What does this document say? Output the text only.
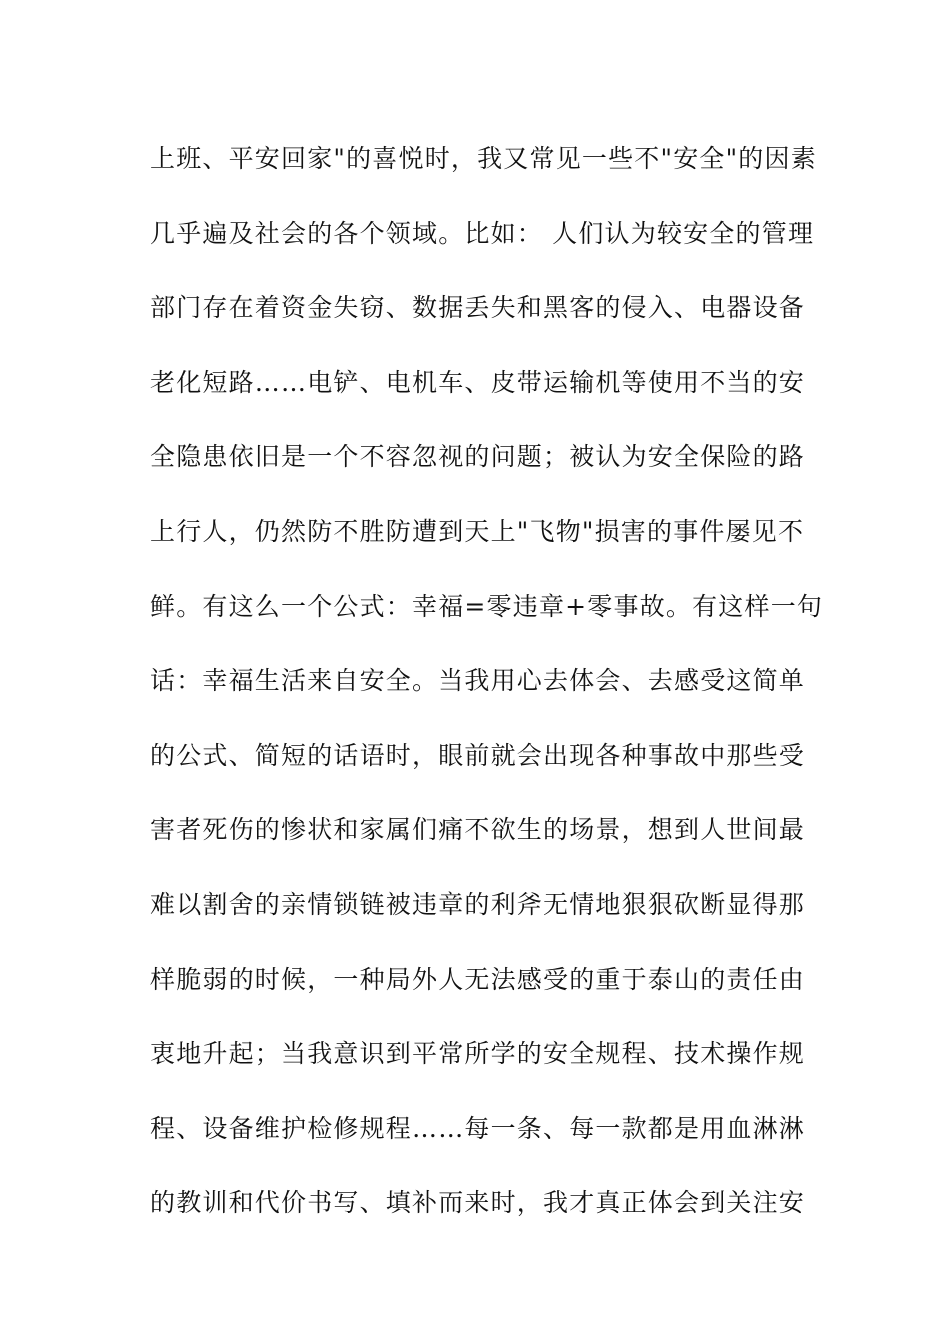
上班、平安回家"的喜悦时，我又常见一些不"安全"的因素
几乎遍及社会的各个领域。比如： 人们认为较安全的管理
部门存在着资金失窃、数据丢失和黑客的侵入、电器设备
老化短路……电铲、电机车、皮带运输机等使用不当的安
全隐患依旧是一个不容忽视的问题；被认为安全保险的路
上行人，仍然防不胜防遭到天上"飞物"损害的事件屡见不
鲜。有这么一个公式：幸福=零违章+零事故。有这样一句
话：幸福生活来自安全。当我用心去体会、去感受这简单
的公式、简短的话语时，眼前就会出现各种事故中那些受
害者死伤的惨状和家属们痛不欲生的场景，想到人世间最
难以割舍的亲情锁链被违章的利斧无情地狠狠砍断显得那
样脆弱的时候，一种局外人无法感受的重于泰山的责任由
衷地升起；当我意识到平常所学的安全规程、技术操作规
程、设备维护检修规程……每一条、每一款都是用血淋淋
的教训和代价书写、填补而来时，我才真正体会到关注安
